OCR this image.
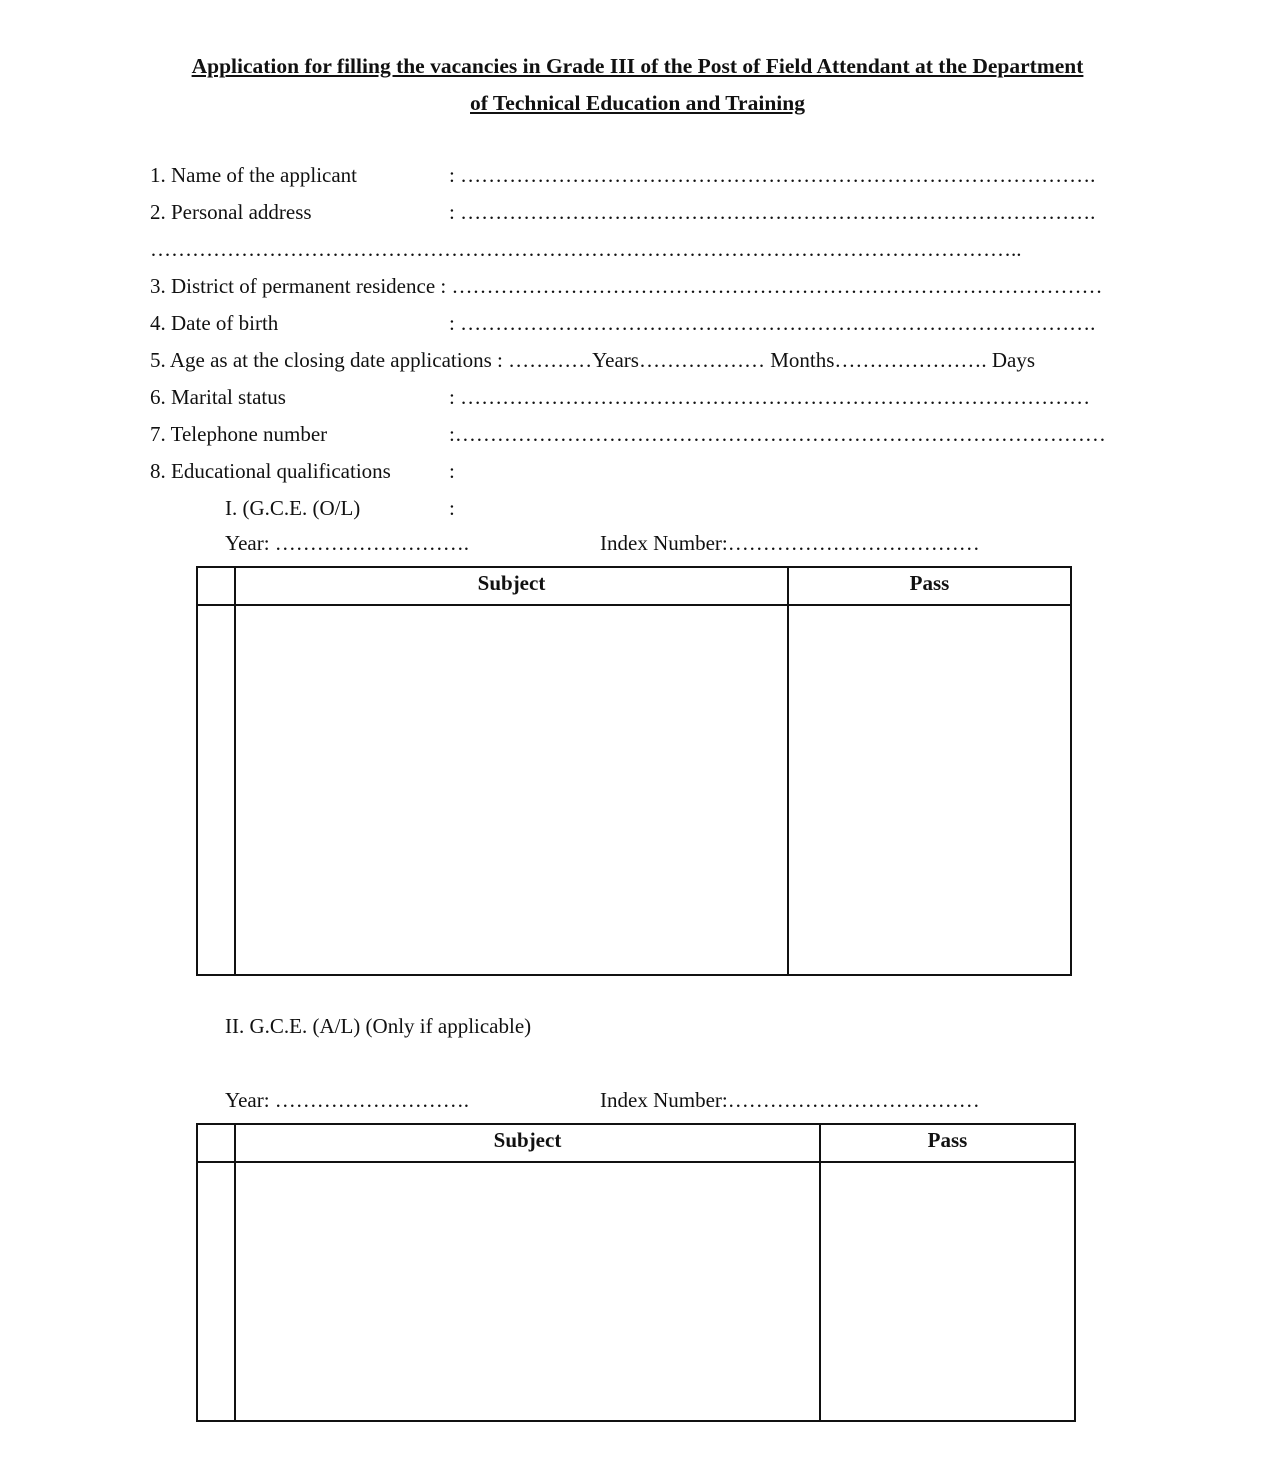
Application for filling the vacancies in Grade III of the Post of Field Attendant at the Department
of Technical Education and Training
1. Name of the applicant	: ……………………………………………………………………………….
2. Personal address	: ……………………………………………………………………………….
……………………………………………………………………………………………………………..
3. District of permanent residence : …………………………………………………………………………………
4. Date of birth	: ……………………………………………………………………………….
5. Age as at the closing date applications : …………Years……………… Months…………………. Days
6. Marital status	: ………………………………………………………………………………
7. Telephone number	:…………………………………………………………………………………
8. Educational qualifications	:
I. (G.C.E. (O/L)	:
Year: ……………………….	Index Number:………………………………
	Subject	Pass

II. G.C.E. (A/L) (Only if applicable)
Year: ……………………….	Index Number:………………………………
	Subject	Pass
